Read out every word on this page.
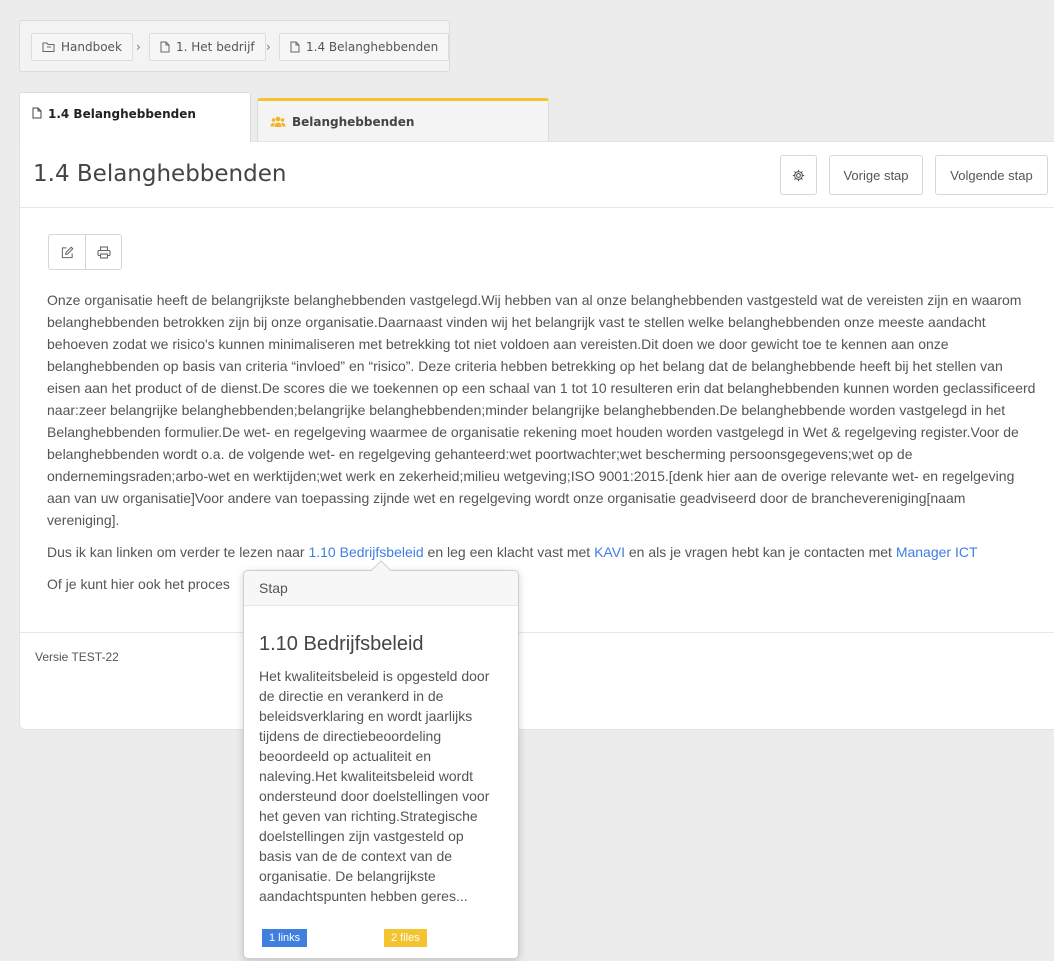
Handboek ›	1. Het bedrijf ›	1.4 Belanghebbenden
1.4 Belanghebbenden
Belanghebbenden
1.4 Belanghebbenden	Vorige stap	Volgende stap

Onze organisatie heeft de belangrijkste belanghebbenden vastgelegd.Wij hebben van al onze belanghebbenden vastgesteld wat de vereisten zijn en waarom belanghebbenden betrokken zijn bij onze organisatie.Daarnaast vinden wij het belangrijk vast te stellen welke belanghebbenden onze meeste aandacht behoeven zodat we risico's kunnen minimaliseren met betrekking tot niet voldoen aan vereisten.Dit doen we door gewicht toe te kennen aan onze belanghebbenden op basis van criteria “invloed” en “risico”. Deze criteria hebben betrekking op het belang dat de belanghebbende heeft bij het stellen van eisen aan het product of de dienst.De scores die we toekennen op een schaal van 1 tot 10 resulteren erin dat belanghebbenden kunnen worden geclassificeerd naar:zeer belangrijke belanghebbenden;belangrijke belanghebbenden;minder belangrijke belanghebbenden.De belanghebbende worden vastgelegd in het Belanghebbenden formulier.De wet- en regelgeving waarmee de organisatie rekening moet houden worden vastgelegd in Wet & regelgeving register.Voor de belanghebbenden wordt o.a. de volgende wet- en regelgeving gehanteerd:wet poortwachter;wet bescherming persoonsgegevens;wet op de ondernemingsraden;arbo-wet en werktijden;wet werk en zekerheid;milieu wetgeving;ISO 9001:2015.[denk hier aan de overige relevante wet- en regelgeving aan van uw organisatie]Voor andere van toepassing zijnde wet en regelgeving wordt onze organisatie geadviseerd door de branchevereniging[naam vereniging].

Dus ik kan linken om verder te lezen naar 1.10 Bedrijfsbeleid en leg een klacht vast met KAVI en als je vragen hebt kan je contacten met Manager ICT

Of je kunt hier ook het proces

Versie TEST-22
Stap
1.10 Bedrijfsbeleid
Het kwaliteitsbeleid is opgesteld door de directie en verankerd in de beleidsverklaring en wordt jaarlijks tijdens de directiebeoordeling beoordeeld op actualiteit en naleving.Het kwaliteitsbeleid wordt ondersteund door doelstellingen voor het geven van richting.Strategische doelstellingen zijn vastgesteld op basis van de de context van de organisatie. De belangrijkste aandachtspunten hebben geres...
1 links	2 files
